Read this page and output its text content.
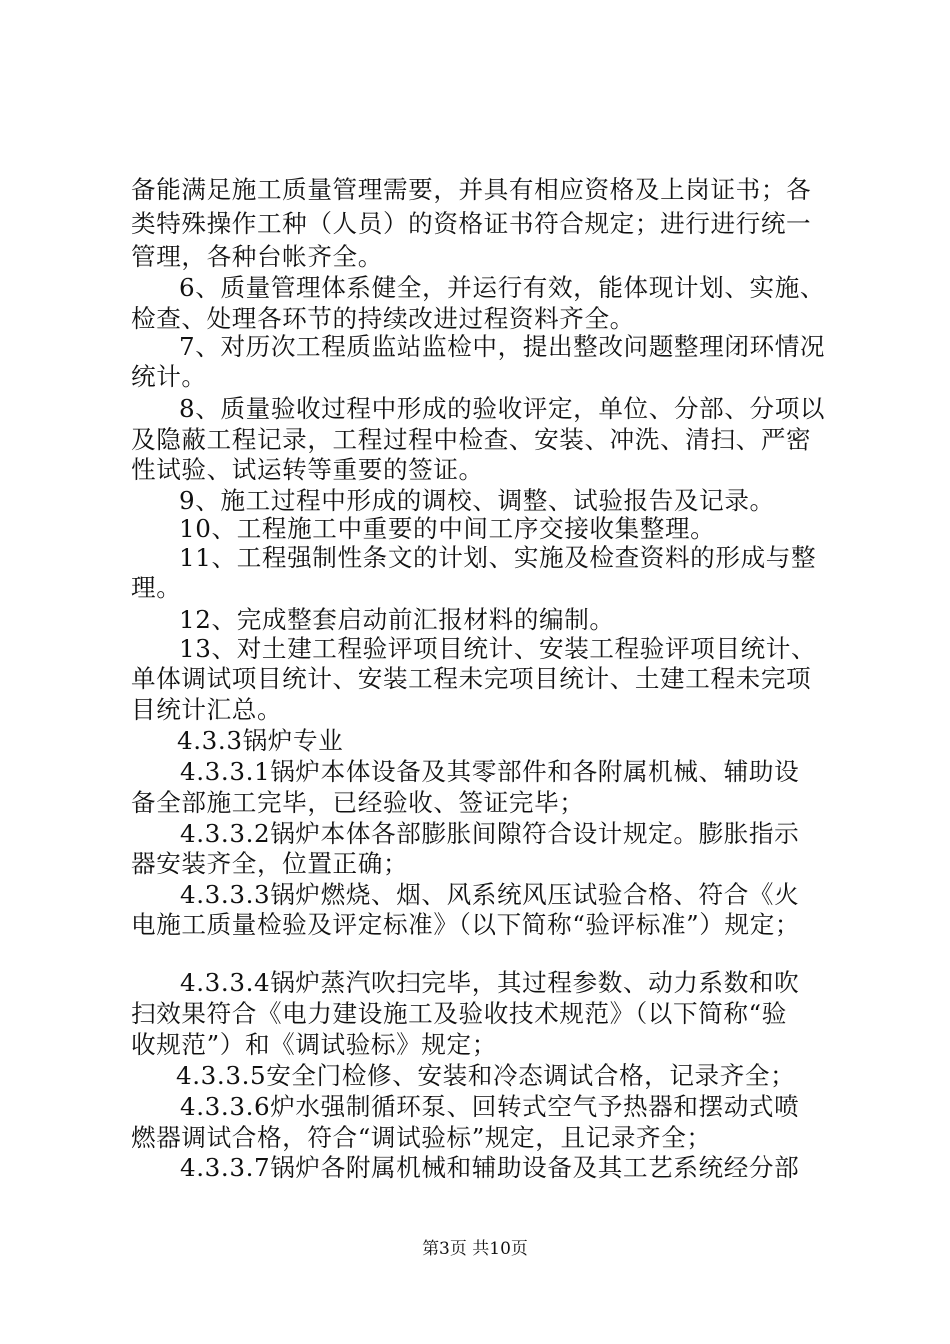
备能满足施工质量管理需要，并具有相应资格及上岗证书；各
类特殊操作工种（人员）的资格证书符合规定；进行进行统一
管理，各种台帐齐全。
6、质量管理体系健全，并运行有效，能体现计划、实施、
检查、处理各环节的持续改进过程资料齐全。
7、对历次工程质监站监检中，提出整改问题整理闭环情况
统计。
8、质量验收过程中形成的验收评定，单位、分部、分项以
及隐蔽工程记录，工程过程中检查、安装、冲洗、清扫、严密
性试验、试运转等重要的签证。
9、施工过程中形成的调校、调整、试验报告及记录。
10、工程施工中重要的中间工序交接收集整理。
11、工程强制性条文的计划、实施及检查资料的形成与整
理。
12、完成整套启动前汇报材料的编制。
13、对土建工程验评项目统计、安装工程验评项目统计、
单体调试项目统计、安装工程未完项目统计、土建工程未完项
目统计汇总。
4.3.3锅炉专业
4.3.3.1锅炉本体设备及其零部件和各附属机械、辅助设
备全部施工完毕，已经验收、签证完毕；
4.3.3.2锅炉本体各部膨胀间隙符合设计规定。膨胀指示
器安装齐全，位置正确；
4.3.3.3锅炉燃烧、烟、风系统风压试验合格、符合《火
电施工质量检验及评定标准》（以下简称“验评标准”）规定；
4.3.3.4锅炉蒸汽吹扫完毕，其过程参数、动力系数和吹
扫效果符合《电力建设施工及验收技术规范》（以下简称“验
收规范”）和《调试验标》规定；
4.3.3.5安全门检修、安装和冷态调试合格，记录齐全；
4.3.3.6炉水强制循环泵、回转式空气予热器和摆动式喷
燃器调试合格，符合“调试验标”规定，且记录齐全；
4.3.3.7锅炉各附属机械和辅助设备及其工艺系统经分部
第3页 共10页
